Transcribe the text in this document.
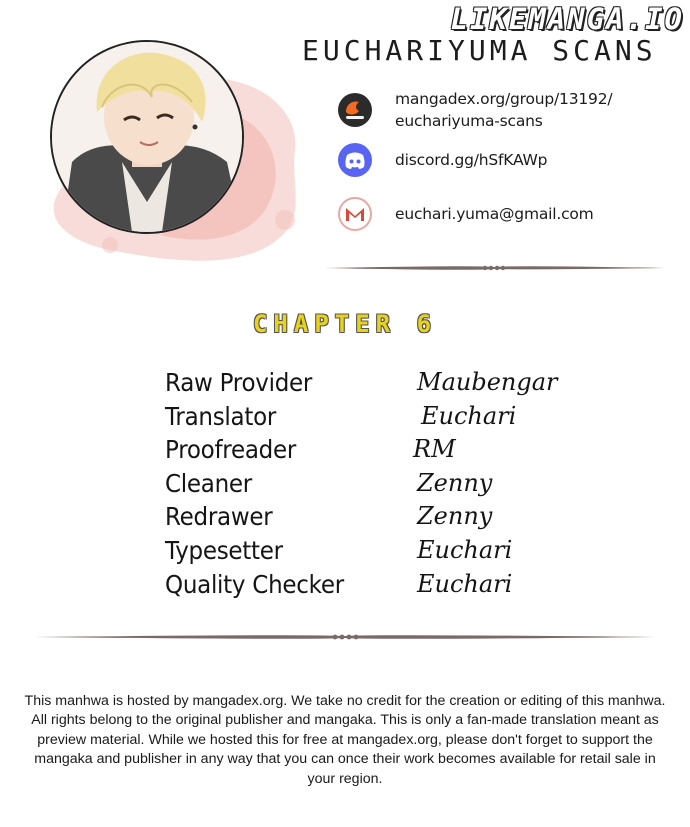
LIKEMANGA.IO
EUCHARIYUMA SCANS
mangadex.org/group/13192/
euchariyuma-scans
discord.gg/hSfKAWp
euchari.yuma@gmail.com
CHAPTER 6
Raw Provider	Maubengar
Translator	Euchari
Proofreader	RM
Cleaner	Zenny
Redrawer	Zenny
Typesetter	Euchari
Quality Checker	Euchari
This manhwa is hosted by mangadex.org. We take no credit for the creation or editing of this manhwa. All rights belong to the original publisher and mangaka. This is only a fan-made translation meant as preview material. While we hosted this for free at mangadex.org, please don't forget to support the mangaka and publisher in any way that you can once their work becomes available for retail sale in your region.
